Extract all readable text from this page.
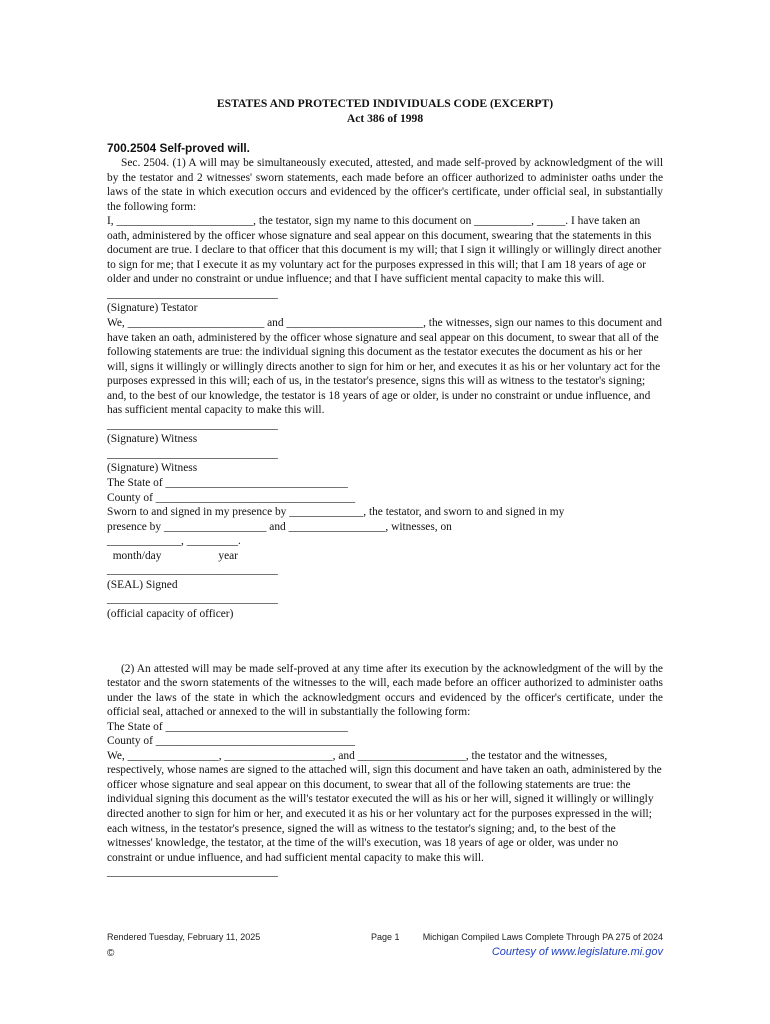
ESTATES AND PROTECTED INDIVIDUALS CODE (EXCERPT)
Act 386 of 1998
700.2504 Self-proved will.

Sec. 2504. (1) A will may be simultaneously executed, attested, and made self-proved by acknowledgment of the will by the testator and 2 witnesses' sworn statements, each made before an officer authorized to administer oaths under the laws of the state in which execution occurs and evidenced by the officer's certificate, under official seal, in substantially the following form:

I, ________________________, the testator, sign my name to this document on __________, _____. I have taken an oath, administered by the officer whose signature and seal appear on this document, swearing that the statements in this document are true. I declare to that officer that this document is my will; that I sign it willingly or willingly direct another to sign for me; that I execute it as my voluntary act for the purposes expressed in this will; that I am 18 years of age or older and under no constraint or undue influence; and that I have sufficient mental capacity to make this will.

______________________________

(Signature) Testator

We, ________________________ and ________________________, the witnesses, sign our names to this document and have taken an oath, administered by the officer whose signature and seal appear on this document, to swear that all of the following statements are true: the individual signing this document as the testator executes the document as his or her will, signs it willingly or willingly directs another to sign for him or her, and executes it as his or her voluntary act for the purposes expressed in this will; each of us, in the testator's presence, signs this will as witness to the testator's signing; and, to the best of our knowledge, the testator is 18 years of age or older, is under no constraint or undue influence, and has sufficient mental capacity to make this will.

______________________________

(Signature) Witness

______________________________

(Signature) Witness

The State of ________________________________

County of ___________________________________

Sworn to and signed in my presence by _____________, the testator, and sworn to and signed in my

presence by __________________ and _________________, witnesses, on

_____________, _________.

month/day                    year

______________________________

(SEAL) Signed

______________________________

(official capacity of officer)

(2) An attested will may be made self-proved at any time after its execution by the acknowledgment of the will by the testator and the sworn statements of the witnesses to the will, each made before an officer authorized to administer oaths under the laws of the state in which the acknowledgment occurs and evidenced by the officer's certificate, under the official seal, attached or annexed to the will in substantially the following form:

The State of ________________________________

County of ___________________________________

We, ________________, ___________________, and ___________________, the testator and the witnesses, respectively, whose names are signed to the attached will, sign this document and have taken an oath, administered by the officer whose signature and seal appear on this document, to swear that all of the following statements are true: the individual signing this document as the will's testator executed the will as his or her will, signed it willingly or willingly directed another to sign for him or her, and executed it as his or her voluntary act for the purposes expressed in the will; each witness, in the testator's presence, signed the will as witness to the testator's signing; and, to the best of the witnesses' knowledge, the testator, at the time of the will's execution, was 18 years of age or older, was under no constraint or undue influence, and had sufficient mental capacity to make this will.

______________________________

Rendered Tuesday, February 11, 2025	Page 1	Michigan Compiled Laws Complete Through PA 275 of 2024
©	Courtesy of www.legislature.mi.gov
